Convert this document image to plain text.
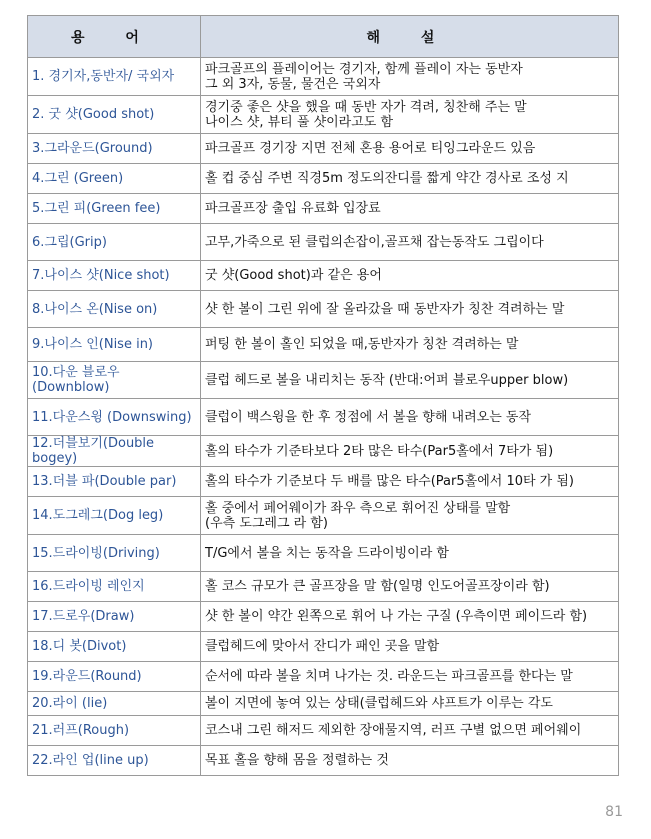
용 어	해 설
1. 경기자,동반자/ 국외자	파크골프의 플레이어는 경기자, 함께 플레이 자는 동반자
그 외 3자, 동물, 물건은 국외자
2. 굿 샷(Good shot)	경기중 좋은 샷을 했을 때 동반 자가 격려, 칭찬해 주는 말
나이스 샷, 뷰티 풀 샷이라고도 함
3.그라운드(Ground)	파크골프 경기장 지면 전체 혼용 용어로 티잉그라운드 있음
4.그린 (Green)	홀 컵 중심 주변 직경5m 정도의잔디를 짧게 약간 경사로 조성 지
5.그린 피(Green fee)	파크골프장 출입 유료화 입장료
6.그립(Grip)	고무,가죽으로 된 클럽의손잡이,골프채 잡는동작도 그립이다
7.나이스 샷(Nice shot)	굿 샷(Good shot)과 같은 용어
8.나이스 온(Nise on)	샷 한 볼이 그린 위에 잘 올라갔을 때 동반자가 칭찬 격려하는 말
9.나이스 인(Nise in)	퍼팅 한 볼이 홀인 되었을 때,동반자가 칭찬 격려하는 말
10.다운 블로우 (Downblow)	클럽 헤드로 볼을 내리치는 동작 (반대:어퍼 블로우upper blow)
11.다운스윙 (Downswing)	클럽이 백스윙을 한 후 정점에 서 볼을 향해 내려오는 동작
12.더블보기(Double bogey)	홀의 타수가 기준타보다 2타 많은 타수(Par5홀에서 7타가 됨)
13.더블 파(Double par)	홀의 타수가 기준보다 두 배를 많은 타수(Par5홀에서 10타 가 됨)
14.도그레그(Dog leg)	홀 중에서 페어웨이가 좌우 측으로 휘어진 상태를 말함
(우측 도그레그 라 함)
15.드라이빙(Driving)	T/G에서 볼을 치는 동작을 드라이빙이라 함
16.드라이빙 레인지	홀 코스 규모가 큰 골프장을 말 함(일명 인도어골프장이라 함)
17.드로우(Draw)	샷 한 볼이 약간 왼쪽으로 휘어 나 가는 구질 (우측이면 페이드라 함)
18.디 봇(Divot)	클럽헤드에 맞아서 잔디가 패인 곳을 말함
19.라운드(Round)	순서에 따라 볼을 치며 나가는 것. 라운드는 파크골프를 한다는 말
20.라이 (lie)	볼이 지면에 놓여 있는 상태(클럽헤드와 샤프트가 이루는 각도
21.러프(Rough)	코스내 그린 해저드 제외한 장애물지역, 러프 구별 없으면 페어웨이
22.라인 업(line up)	목표 홀을 향해 몸을 정렬하는 것
81
